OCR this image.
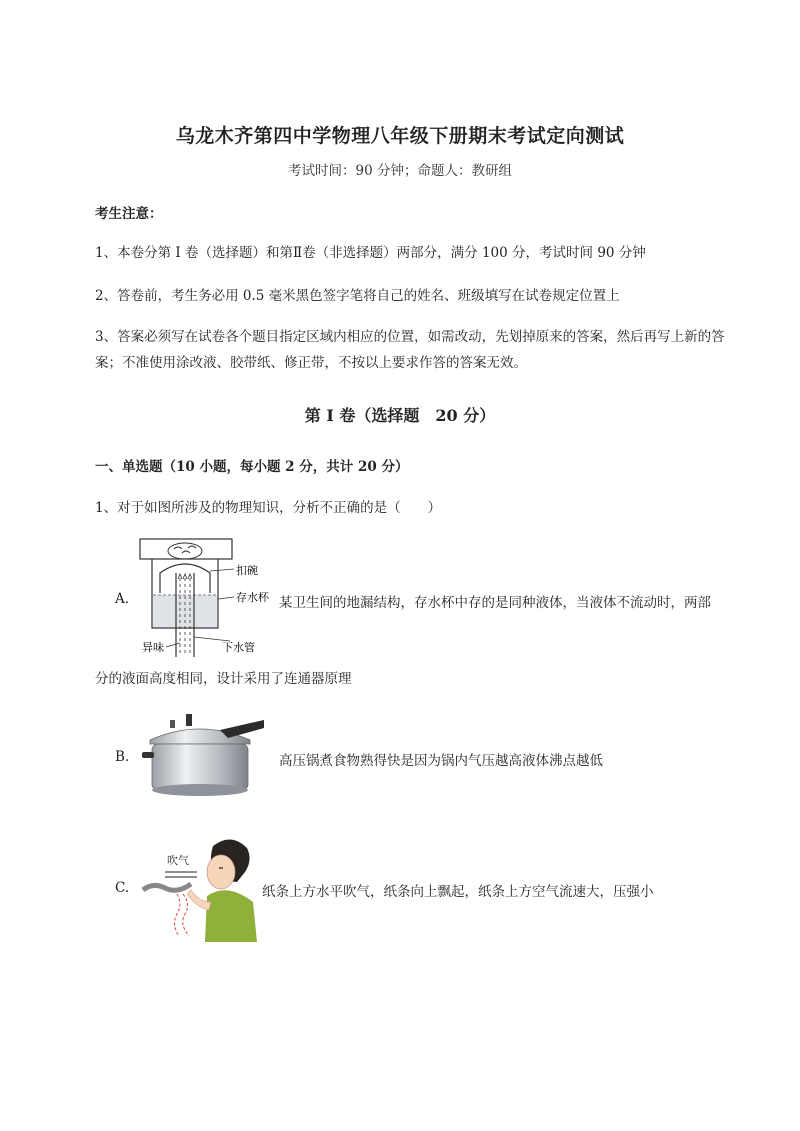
乌龙木齐第四中学物理八年级下册期末考试定向测试
考试时间：90 分钟；命题人：教研组
考生注意：
1、本卷分第 I 卷（选择题）和第Ⅱ卷（非选择题）两部分，满分 100 分，考试时间 90 分钟
2、答卷前，考生务必用 0.5 毫米黑色签字笔将自己的姓名、班级填写在试卷规定位置上
3、答案必须写在试卷各个题目指定区域内相应的位置，如需改动，先划掉原来的答案，然后再写上新的答案；不准使用涂改液、胶带纸、修正带，不按以上要求作答的答案无效。
第 I 卷（选择题　20 分）
一、单选题（10 小题，每小题 2 分，共计 20 分）
1、对于如图所涉及的物理知识，分析不正确的是（　　）
A.
扣碗
存水杯
异味	下水管
某卫生间的地漏结构，存水杯中存的是同种液体，当液体不流动时，两部
分的液面高度相同，设计采用了连通器原理
B.	高压锅煮食物熟得快是因为锅内气压越高液体沸点越低
C.
吹气
纸条上方水平吹气，纸条向上飘起，纸条上方空气流速大，压强小
